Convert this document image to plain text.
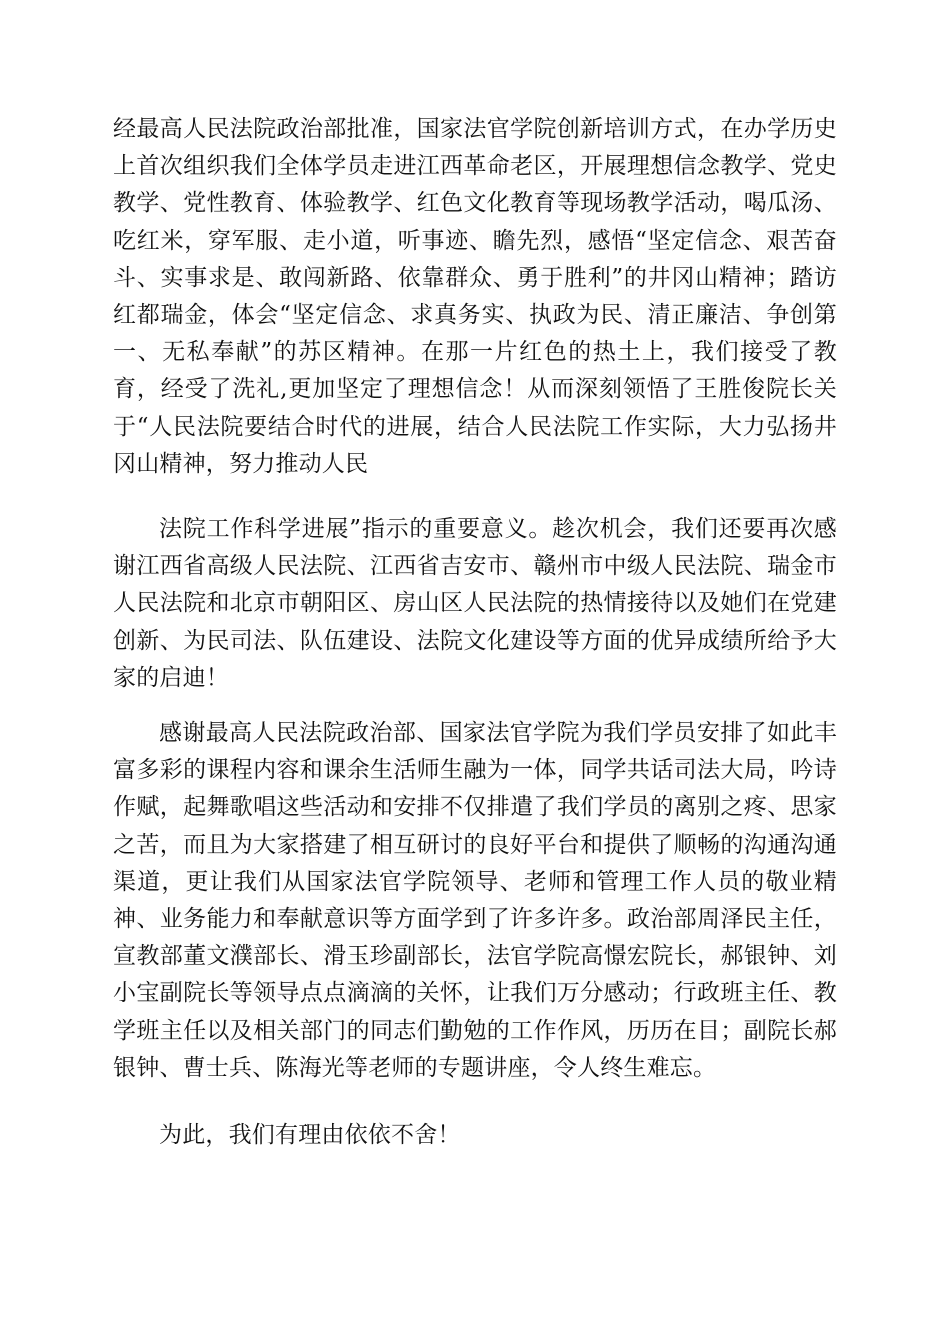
经最高人民法院政治部批准，国家法官学院创新培训方式，在办学历史上首次组织我们全体学员走进江西革命老区，开展理想信念教学、党史教学、党性教育、体验教学、红色文化教育等现场教学活动，喝瓜汤、吃红米，穿军服、走小道，听事迹、瞻先烈，感悟“坚定信念、艰苦奋斗、实事求是、敢闯新路、依靠群众、勇于胜利”的井冈山精神；踏访红都瑞金，体会“坚定信念、求真务实、执政为民、清正廉洁、争创第一、无私奉献”的苏区精神。在那一片红色的热土上，我们接受了教育，经受了洗礼,更加坚定了理想信念！从而深刻领悟了王胜俊院长关于“人民法院要结合时代的进展，结合人民法院工作实际，大力弘扬井冈山精神，努力推动人民

法院工作科学进展”指示的重要意义。趁次机会，我们还要再次感谢江西省高级人民法院、江西省吉安市、赣州市中级人民法院、瑞金市人民法院和北京市朝阳区、房山区人民法院的热情接待以及她们在党建创新、为民司法、队伍建设、法院文化建设等方面的优异成绩所给予大家的启迪！

感谢最高人民法院政治部、国家法官学院为我们学员安排了如此丰富多彩的课程内容和课余生活师生融为一体，同学共话司法大局，吟诗作赋，起舞歌唱这些活动和安排不仅排遣了我们学员的离别之疼、思家之苦，而且为大家搭建了相互研讨的良好平台和提供了顺畅的沟通沟通渠道，更让我们从国家法官学院领导、老师和管理工作人员的敬业精神、业务能力和奉献意识等方面学到了许多许多。政治部周泽民主任，宣教部董文濮部长、滑玉珍副部长，法官学院高憬宏院长，郝银钟、刘小宝副院长等领导点点滴滴的关怀，让我们万分感动；行政班主任、教学班主任以及相关部门的同志们勤勉的工作作风，历历在目；副院长郝银钟、曹士兵、陈海光等老师的专题讲座，令人终生难忘。

为此，我们有理由依依不舍！
